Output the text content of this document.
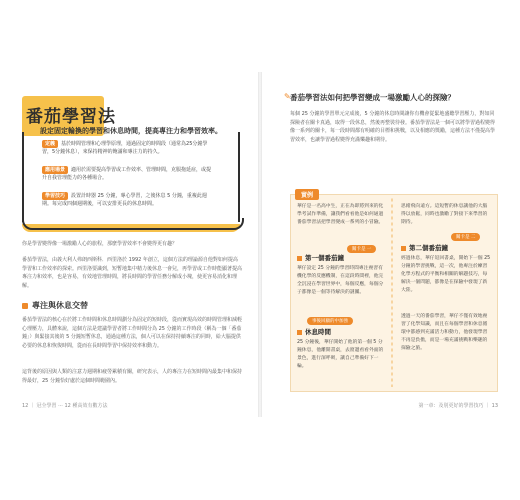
番茄學習法
設定固定輪換的學習和休息時間，提高專注力和學習效率。
定義 基於時間管理和心理學原理，通過固定的時間段（通常為25分鐘學習，5分鐘休息），來保持精神的飽滿和專注力的持久。
應用場景 適用於需要提高學習或工作效率、管理時間，克服拖延症，或提升自我管理能力的各種場合。
學習技巧 設置計時器 25 分鐘，專心學習，之後休息 5 分鐘，重複此週期。每完成四個週期後，可以安排更長的休息時間。
你是學習變得像一場激勵人心的旅程，那麼學習效率不會變得更有趣？
番茄學習法，由義大利人弗朗西斯科．西里洛於 1992 年創立，這個方法的理論源自他對如何提高學習和工作效率的探索。西里洛要識到，短暫地集中精力後休息一會兒，再學習或工作時能顯著提高專注力和效率，也是容易，有效地管理時間，將長時間的學習任務分解成小塊，使更容易消化和理解。
專注與休息交替
番茄學習法的核心在於將工作時間和休息時間劃分為固定的短時段，從而實現高效的時間管理和減輕心理壓力，具體來說，這個方法是建議學習者將工作時間分為 25 分鐘的工作時段（稱為一個「番茄鐘」）與緊接其後的 5 分鐘短暫休息，通過這種方法，個人可以在保持持續專注的同時，給大腦提供必要的休息和恢復時間，從而在長時間學習中保持效率和動力。
這背後的原因與人類的注意力週期和疲勞累積有關，研究表示，人的專注力在短時間內最集中和保持得最好，25 分鐘恰好處於這個時間範圍內。
12 ｜ 冠全學習 ··· 12 種高效有數方法
✎ 番茄學習法如何把學習變成一場激勵人心的探險？
每個 25 分鐘的學習單元完成後，5 分鐘的休息時間讓你有機會從緊地盛聽學習壓力，對如同探險者在關卡真過，取得一段休息，然後再整裝待發。番茄學習法是一個可以將學習過程變得像一系列的關卡，每一段時間都有明確的目標和挑戰，以及相應的獎勵，這種方法不僅提高學習效率，也讓學習過程變得充滿樂趣和期待。
實例
華仔是一名高中生，正在為即將到來的化學考試作準備，讓我們看看他是如何通過番茄學習法把學習變成一系列的小冒險。
關卡是 一
第一個番茄鐘
華仔設定 25 分鐘的學習時間專注複習有機化學的反應機制，在這段時間裡，他完全沉浸在學習世界中，每個反應，每個分子都像是一個等待解決的謎團。
事後回顧的中加強
休息時間
25 分鐘後，華仔開始了他的第一個 5 分鐘休息，他離開書桌，去窗邊看看外面的景色，進行深呼吸，讓自己準備好下一輪。
思緒飛向遠方。這短暫的休息讓他的大腦得以放鬆，同時也激勵了對接下來學習的期待。
關卡是 二
第二個番茄鐘
經過休息，華仔返回書桌，開始下一個 25 分鐘的學習挑戰，這一次，他專注於練習化學方程式的平衡和相關的解題技巧，每解決一個問題，都像是在探險中發現了新大陸。
透過一天的番茄學習，華仔不僅有效地複習了化學知識，而且在每個學習和休息循環中都感到充滿活力和動力，他發現學習不再是負擔，而是一場充滿挑戰和樂趣的探險之旅。
第一章：及別更好的學習技巧 ｜ 13
